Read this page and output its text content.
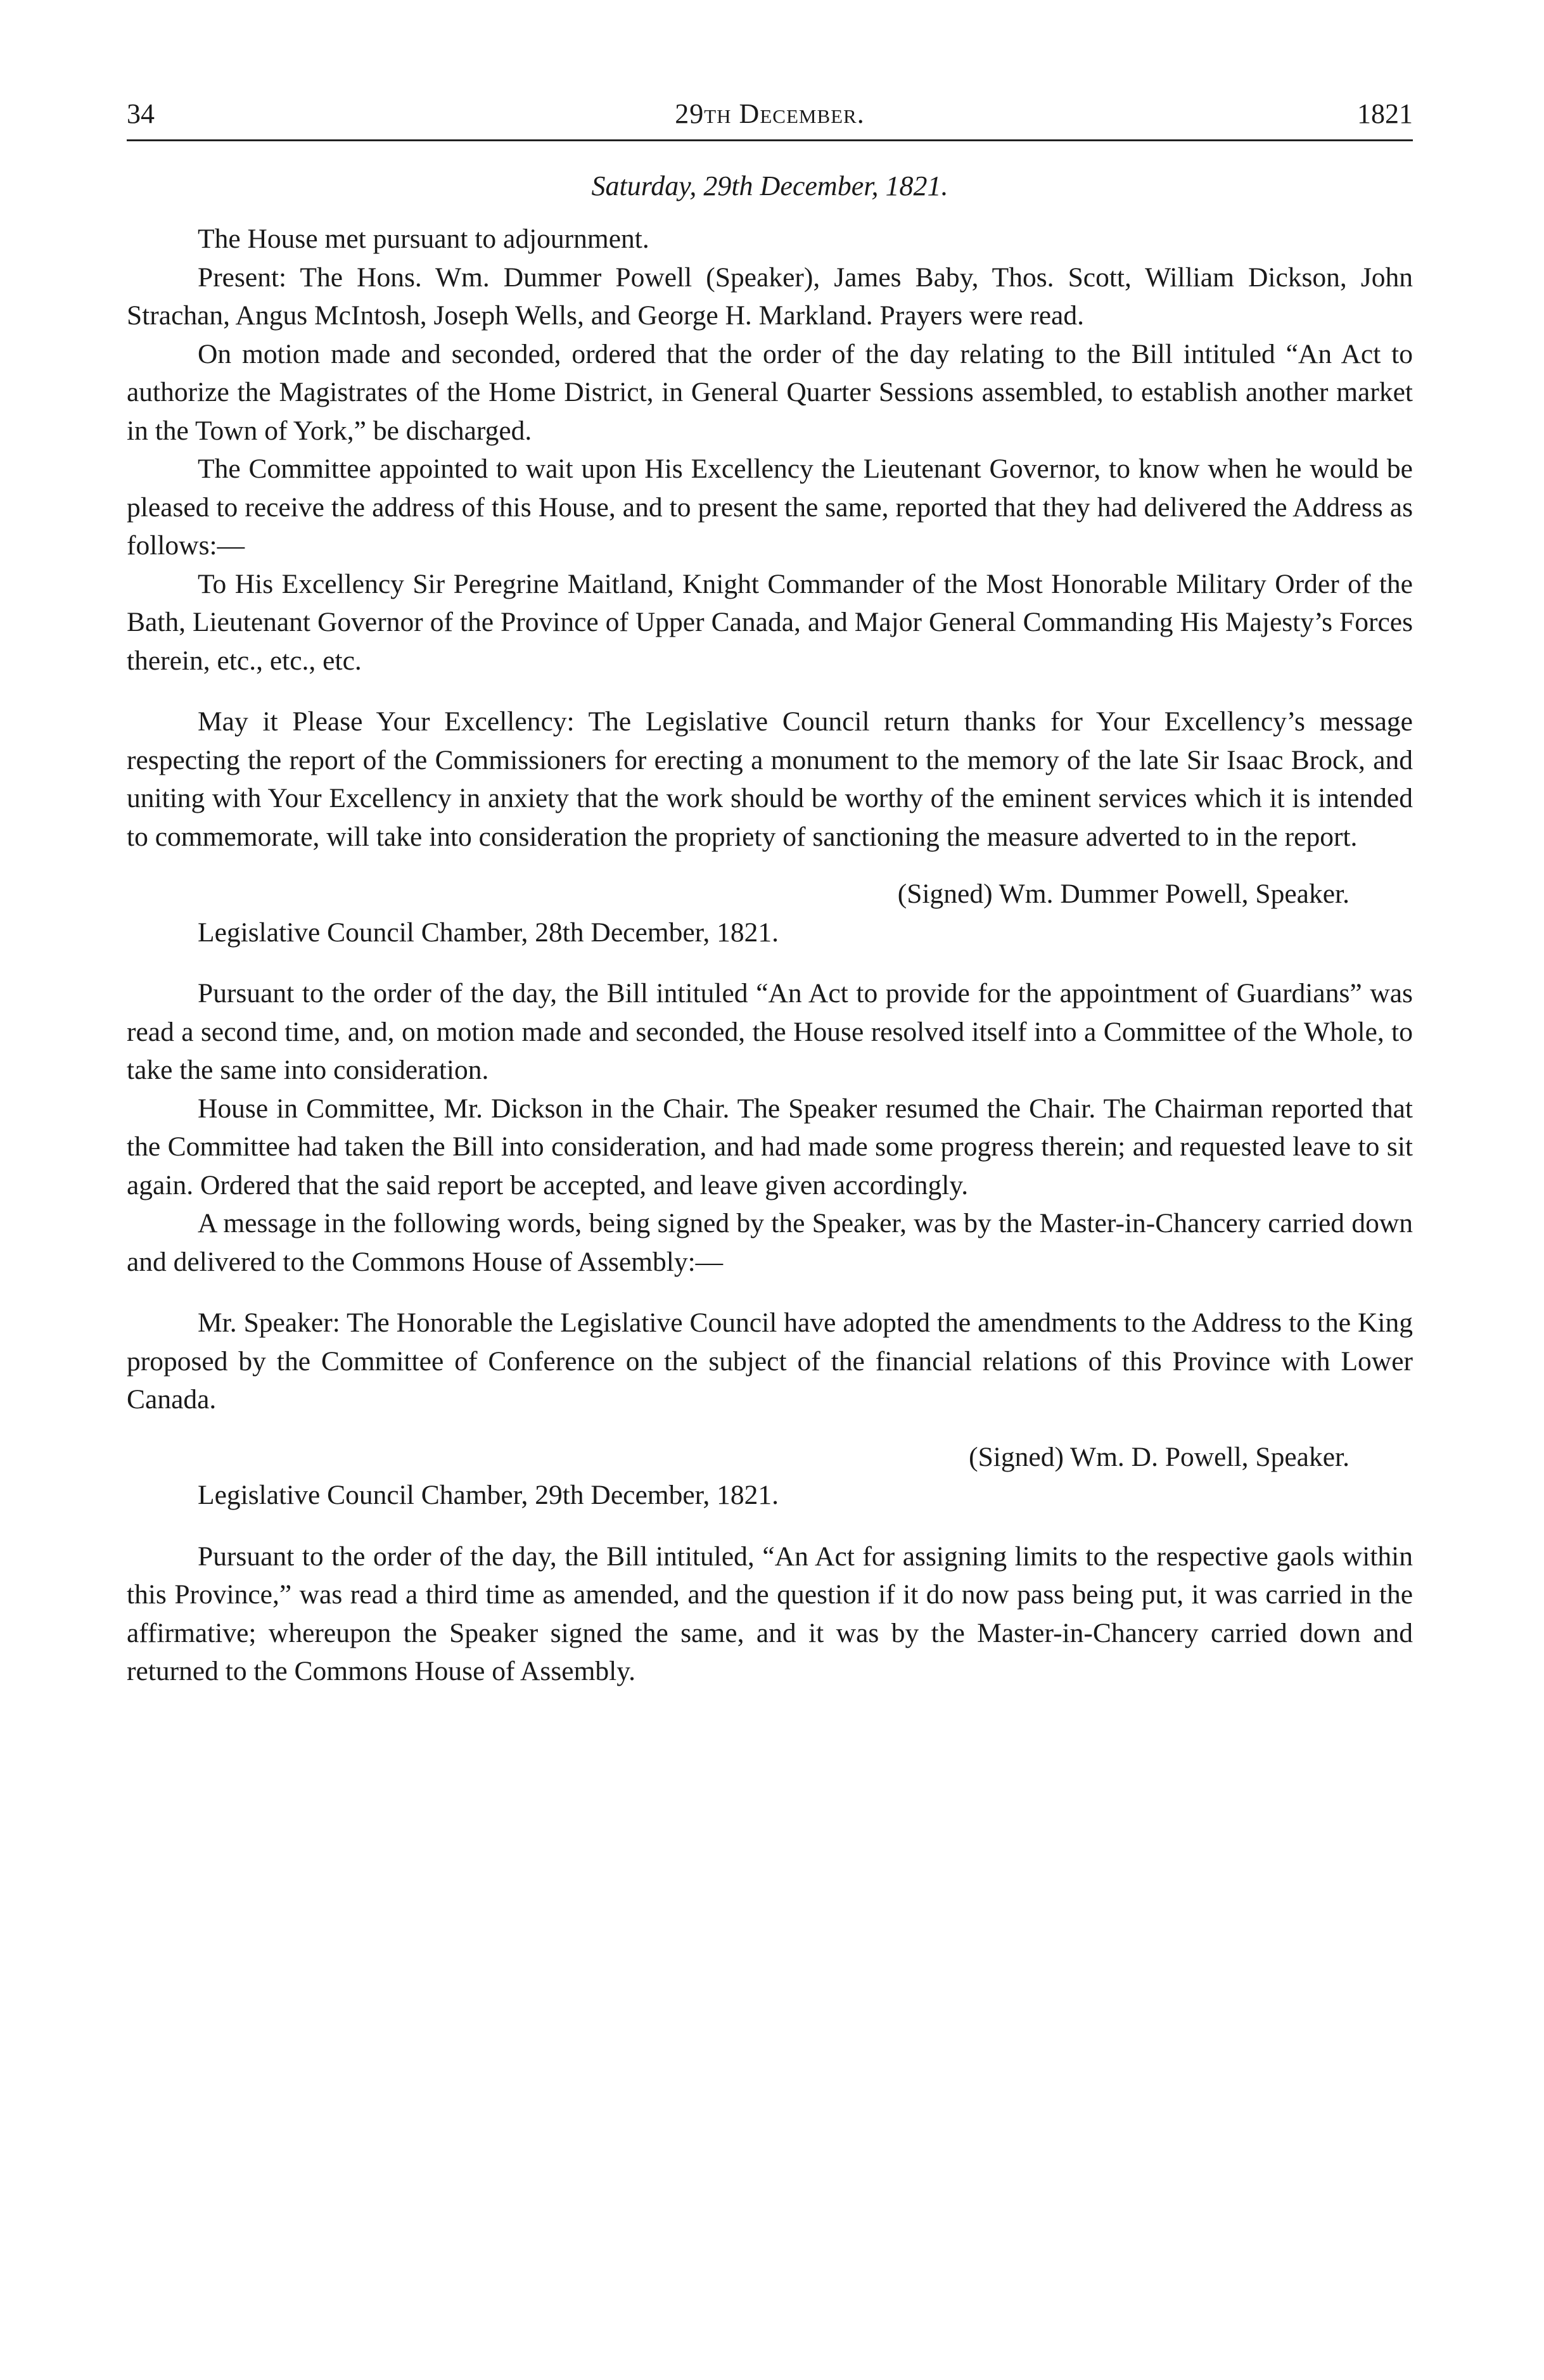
34	29th December.	1821
Saturday, 29th December, 1821.

The House met pursuant to adjournment.

Present: The Hons. Wm. Dummer Powell (Speaker), James Baby, Thos. Scott, William Dickson, John Strachan, Angus McIntosh, Joseph Wells, and George H. Markland. Prayers were read.

On motion made and seconded, ordered that the order of the day relating to the Bill intituled “An Act to authorize the Magistrates of the Home District, in General Quarter Sessions assembled, to establish another market in the Town of York,” be discharged.

The Committee appointed to wait upon His Excellency the Lieutenant Governor, to know when he would be pleased to receive the address of this House, and to present the same, reported that they had delivered the Address as follows:—

To His Excellency Sir Peregrine Maitland, Knight Commander of the Most Honorable Military Order of the Bath, Lieutenant Governor of the Province of Upper Canada, and Major General Commanding His Majesty’s Forces therein, etc., etc., etc.

May it Please Your Excellency: The Legislative Council return thanks for Your Excellency’s message respecting the report of the Commissioners for erecting a monument to the memory of the late Sir Isaac Brock, and uniting with Your Excellency in anxiety that the work should be worthy of the eminent services which it is intended to commemorate, will take into consideration the propriety of sanctioning the measure adverted to in the report.

(Signed) Wm. Dummer Powell, Speaker.

Legislative Council Chamber, 28th December, 1821.

Pursuant to the order of the day, the Bill intituled “An Act to provide for the appointment of Guardians” was read a second time, and, on motion made and seconded, the House resolved itself into a Committee of the Whole, to take the same into consideration.

House in Committee, Mr. Dickson in the Chair. The Speaker resumed the Chair. The Chairman reported that the Committee had taken the Bill into consideration, and had made some progress therein; and requested leave to sit again. Ordered that the said report be accepted, and leave given accordingly.

A message in the following words, being signed by the Speaker, was by the Master-in-Chancery carried down and delivered to the Commons House of Assembly:—

Mr. Speaker: The Honorable the Legislative Council have adopted the amendments to the Address to the King proposed by the Committee of Conference on the subject of the financial relations of this Province with Lower Canada.

(Signed) Wm. D. Powell, Speaker.

Legislative Council Chamber, 29th December, 1821.

Pursuant to the order of the day, the Bill intituled, “An Act for assigning limits to the respective gaols within this Province,” was read a third time as amended, and the question if it do now pass being put, it was carried in the affirmative; whereupon the Speaker signed the same, and it was by the Master-in-Chancery carried down and returned to the Commons House of Assembly.
